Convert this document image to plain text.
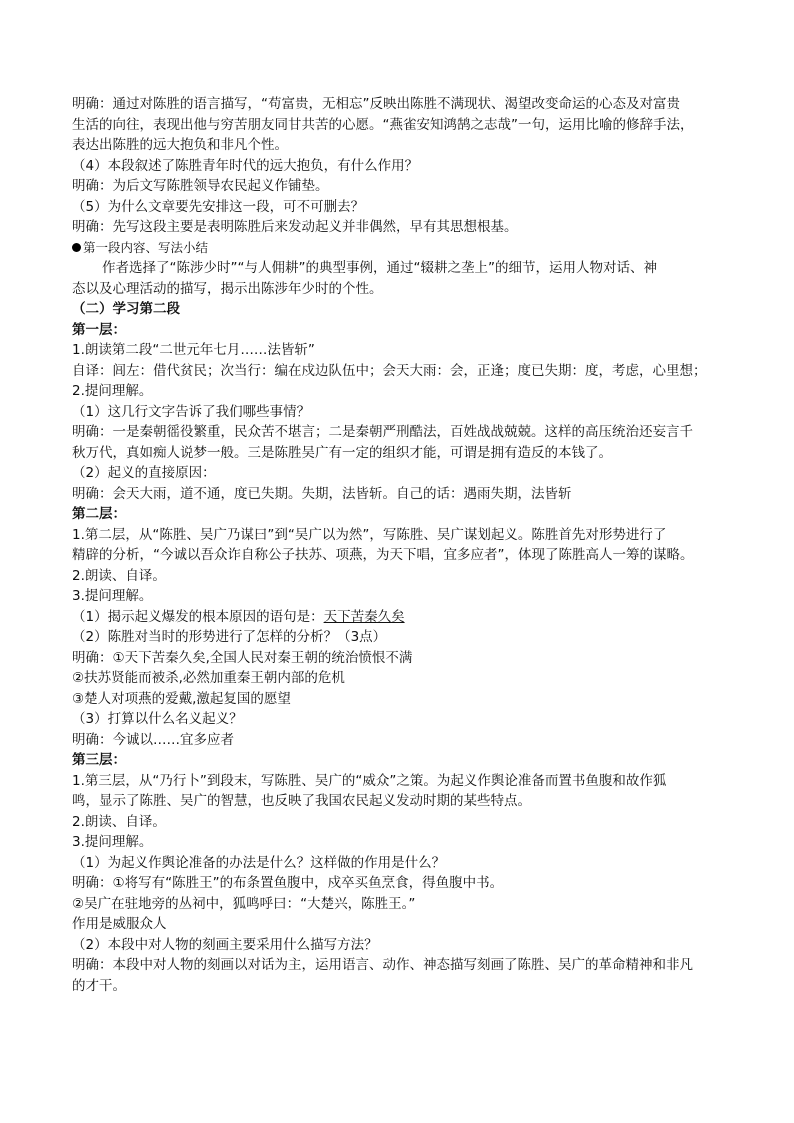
明确：通过对陈胜的语言描写，“苟富贵，无相忘”反映出陈胜不满现状、渴望改变命运的心态及对富贵
生活的向往，表现出他与穷苦朋友同甘共苦的心愿。“燕雀安知鸿鹄之志哉”一句，运用比喻的修辞手法，
表达出陈胜的远大抱负和非凡个性。
（4）本段叙述了陈胜青年时代的远大抱负，有什么作用？
明确：为后文写陈胜领导农民起义作铺垫。
（5）为什么文章要先安排这一段，可不可删去？
明确：先写这段主要是表明陈胜后来发动起义并非偶然，早有其思想根基。
第一段内容、写法小结
作者选择了“陈涉少时”“与人佣耕”的典型事例，通过“辍耕之垄上”的细节，运用人物对话、神
态以及心理活动的描写，揭示出陈涉年少时的个性。
（二）学习第二段
第一层：
1.朗读第二段“二世元年七月……法皆斩”
自译：闾左：借代贫民；次当行：编在戍边队伍中；会天大雨：会，正逢；度已失期：度，考虑，心里想；
2.提问理解。
（1）这几行文字告诉了我们哪些事情？
明确：一是秦朝徭役繁重，民众苦不堪言；二是秦朝严刑酷法，百姓战战兢兢。这样的高压统治还妄言千
秋万代，真如痴人说梦一般。三是陈胜吴广有一定的组织才能，可谓是拥有造反的本钱了。
（2）起义的直接原因：
明确：会天大雨，道不通，度已失期。失期，法皆斩。自己的话：遇雨失期，法皆斩
第二层：
1.第二层，从“陈胜、吴广乃谋曰”到“吴广以为然”，写陈胜、吴广谋划起义。陈胜首先对形势进行了
精辟的分析，“今诚以吾众诈自称公子扶苏、项燕，为天下唱，宜多应者”，体现了陈胜高人一筹的谋略。
2.朗读、自译。
3.提问理解。
（1）揭示起义爆发的根本原因的语句是：天下苦秦久矣
（2）陈胜对当时的形势进行了怎样的分析？（3点）
明确：①天下苦秦久矣,全国人民对秦王朝的统治愤恨不满
②扶苏贤能而被杀,必然加重秦王朝内部的危机
③楚人对项燕的爱戴,激起复国的愿望
（3）打算以什么名义起义？
明确：今诚以……宜多应者
第三层：
1.第三层，从“乃行卜”到段末，写陈胜、吴广的“威众”之策。为起义作舆论准备而置书鱼腹和故作狐
鸣，显示了陈胜、吴广的智慧，也反映了我国农民起义发动时期的某些特点。
2.朗读、自译。
3.提问理解。
（1）为起义作舆论准备的办法是什么？这样做的作用是什么？
明确：①将写有“陈胜王”的布条置鱼腹中，戍卒买鱼烹食，得鱼腹中书。
②吴广在驻地旁的丛祠中，狐鸣呼曰：“大楚兴，陈胜王。”
作用是威服众人
（2）本段中对人物的刻画主要采用什么描写方法？
明确：本段中对人物的刻画以对话为主，运用语言、动作、神态描写刻画了陈胜、吴广的革命精神和非凡
的才干。
